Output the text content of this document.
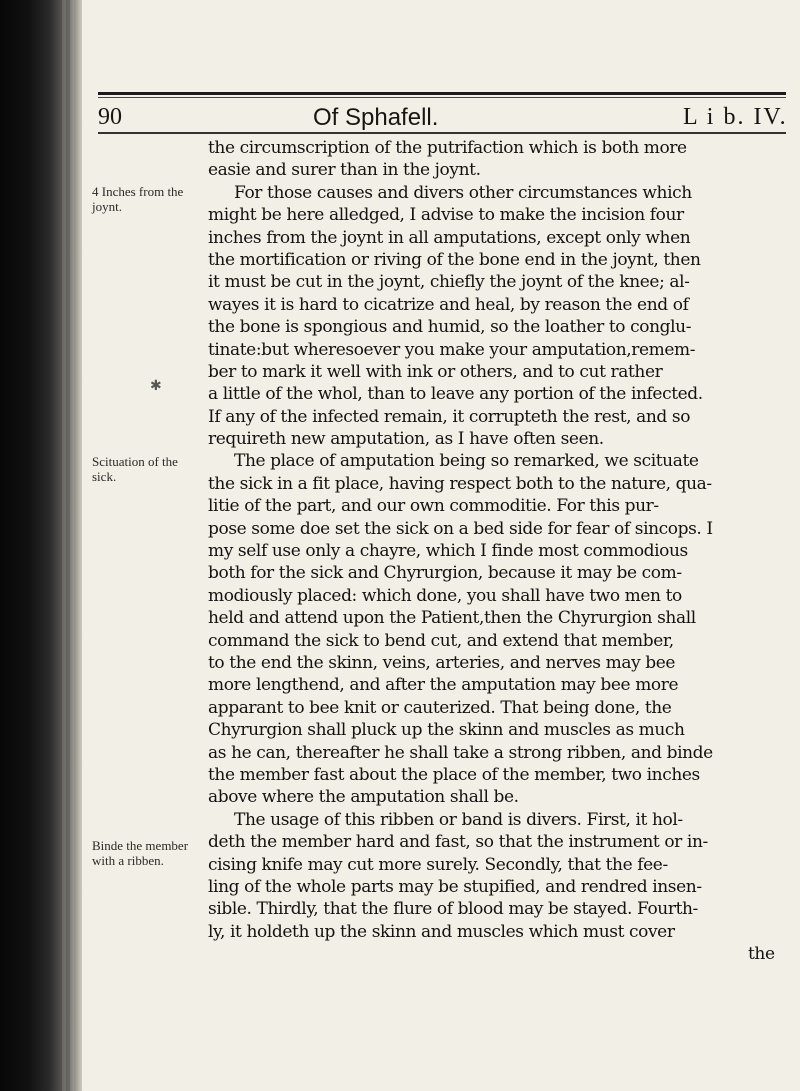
90	Of Sphafell.	L i b. IV.
4 Inches from the joynt.
Scituation of the sick.
Binde the member with a ribben.
✱
the circumscription of the putrifaction which is both more
easie and surer than in the joynt.
For those causes and divers other circumstances which
might be here alledged, I advise to make the incision four
inches from the joynt in all amputations, except only when
the mortification or riving of the bone end in the joynt, then
it must be cut in the joynt, chiefly the joynt of the knee; al-
wayes it is hard to cicatrize and heal, by reason the end of
the bone is spongious and humid, so the loather to conglu-
tinate:but wheresoever you make your amputation,remem-
ber to mark it well with ink or others, and to cut rather
a little of the whol, than to leave any portion of the infected.
If any of the infected remain, it corrupteth the rest, and so
requireth new amputation, as I have often seen.
The place of amputation being so remarked, we scituate
the sick in a fit place, having respect both to the nature, qua-
litie of the part, and our own commoditie. For this pur-
pose some doe set the sick on a bed side for fear of sincops. I
my self use only a chayre, which I finde most commodious
both for the sick and Chyrurgion, because it may be com-
modiously placed: which done, you shall have two men to
held and attend upon the Patient,then the Chyrurgion shall
command the sick to bend cut, and extend that member,
to the end the skinn, veins, arteries, and nerves may bee
more lengthend, and after the amputation may bee more
apparant to bee knit or cauterized. That being done, the
Chyrurgion shall pluck up the skinn and muscles as much
as he can, thereafter he shall take a strong ribben, and binde
the member fast about the place of the member, two inches
above where the amputation shall be.
The usage of this ribben or band is divers. First, it hol-
deth the member hard and fast, so that the instrument or in-
cising knife may cut more surely. Secondly, that the fee-
ling of the whole parts may be stupified, and rendred insen-
sible. Thirdly, that the flure of blood may be stayed. Fourth-
ly, it holdeth up the skinn and muscles which must cover
the
